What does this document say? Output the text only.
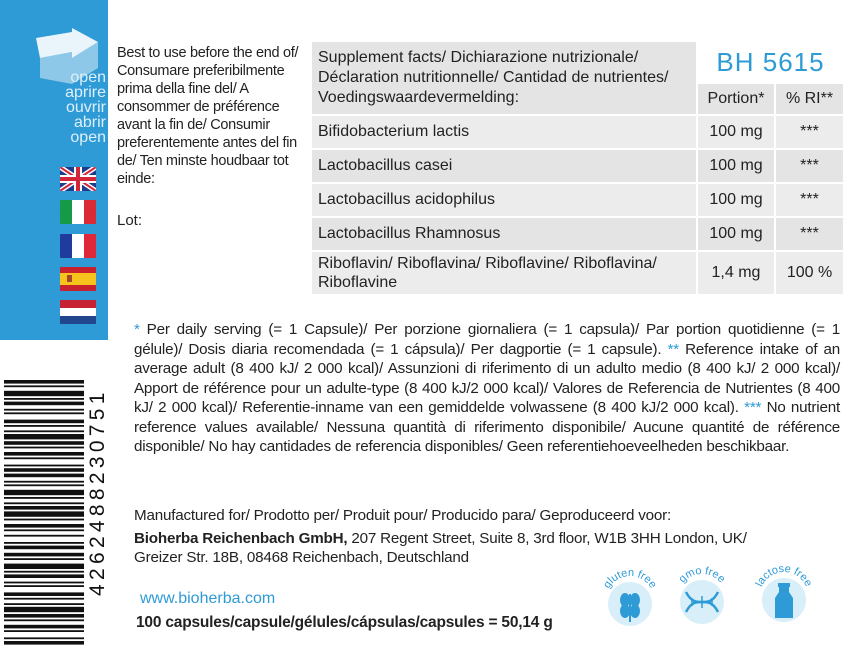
open
aprire
ouvrir
abrir
open
Best to use before the end of/ Consumare preferibilmente prima della fine del/ A consommer de préférence avant la fin de/ Consumir preferentemente antes del fin de/ Ten minste houdbaar tot einde:
Lot:
Supplement facts/ Dichiarazione nutrizionale/ Déclaration nutritionnelle/ Cantidad de nutrientes/ Voedingswaardevermelding:	BH 5615	
	Portion*	% RI**
Bifidobacterium lactis	100 mg	***
Lactobacillus casei	100 mg	***
Lactobacillus acidophilus	100 mg	***
Lactobacillus Rhamnosus	100 mg	***
Riboflavin/ Riboflavina/ Riboflavine/ Riboflavina/ Riboflavine	1,4 mg	100 %
* Per daily serving (= 1 Capsule)/ Per porzione giornaliera (= 1 capsula)/ Par portion quotidienne (= 1 gélule)/ Dosis diaria recomendada (= 1 cápsula)/ Per dagportie (= 1 capsule). ** Reference intake of an average adult (8 400 kJ/ 2 000 kcal)/ Assunzioni di riferimento di un adulto medio (8 400 kJ/ 2 000 kcal)/ Apport de référence pour un adulte-type (8 400 kJ/2 000 kcal)/ Valores de Referencia de Nutrientes (8 400 kJ/ 2 000 kcal)/ Referentie-inname van een gemiddelde volwassene (8 400 kJ/2 000 kcal). *** No nutrient reference values available/ Nessuna quantità di riferimento disponibile/ Aucune quantité de référence disponible/ No hay cantidades de referencia disponibles/ Geen referentiehoeveelheden beschikbaar.
Manufactured for/ Prodotto per/ Produit pour/ Producido para/ Geproduceerd voor:
Bioherba Reichenbach GmbH, 207 Regent Street, Suite 8, 3rd floor, W1B 3HH London, UK/
Greizer Str. 18B, 08468 Reichenbach, Deutschland
www.bioherba.com
100 capsules/capsule/gélules/cápsulas/capsules = 50,14 g
4262488230751	gluten free gmo free lactose free
